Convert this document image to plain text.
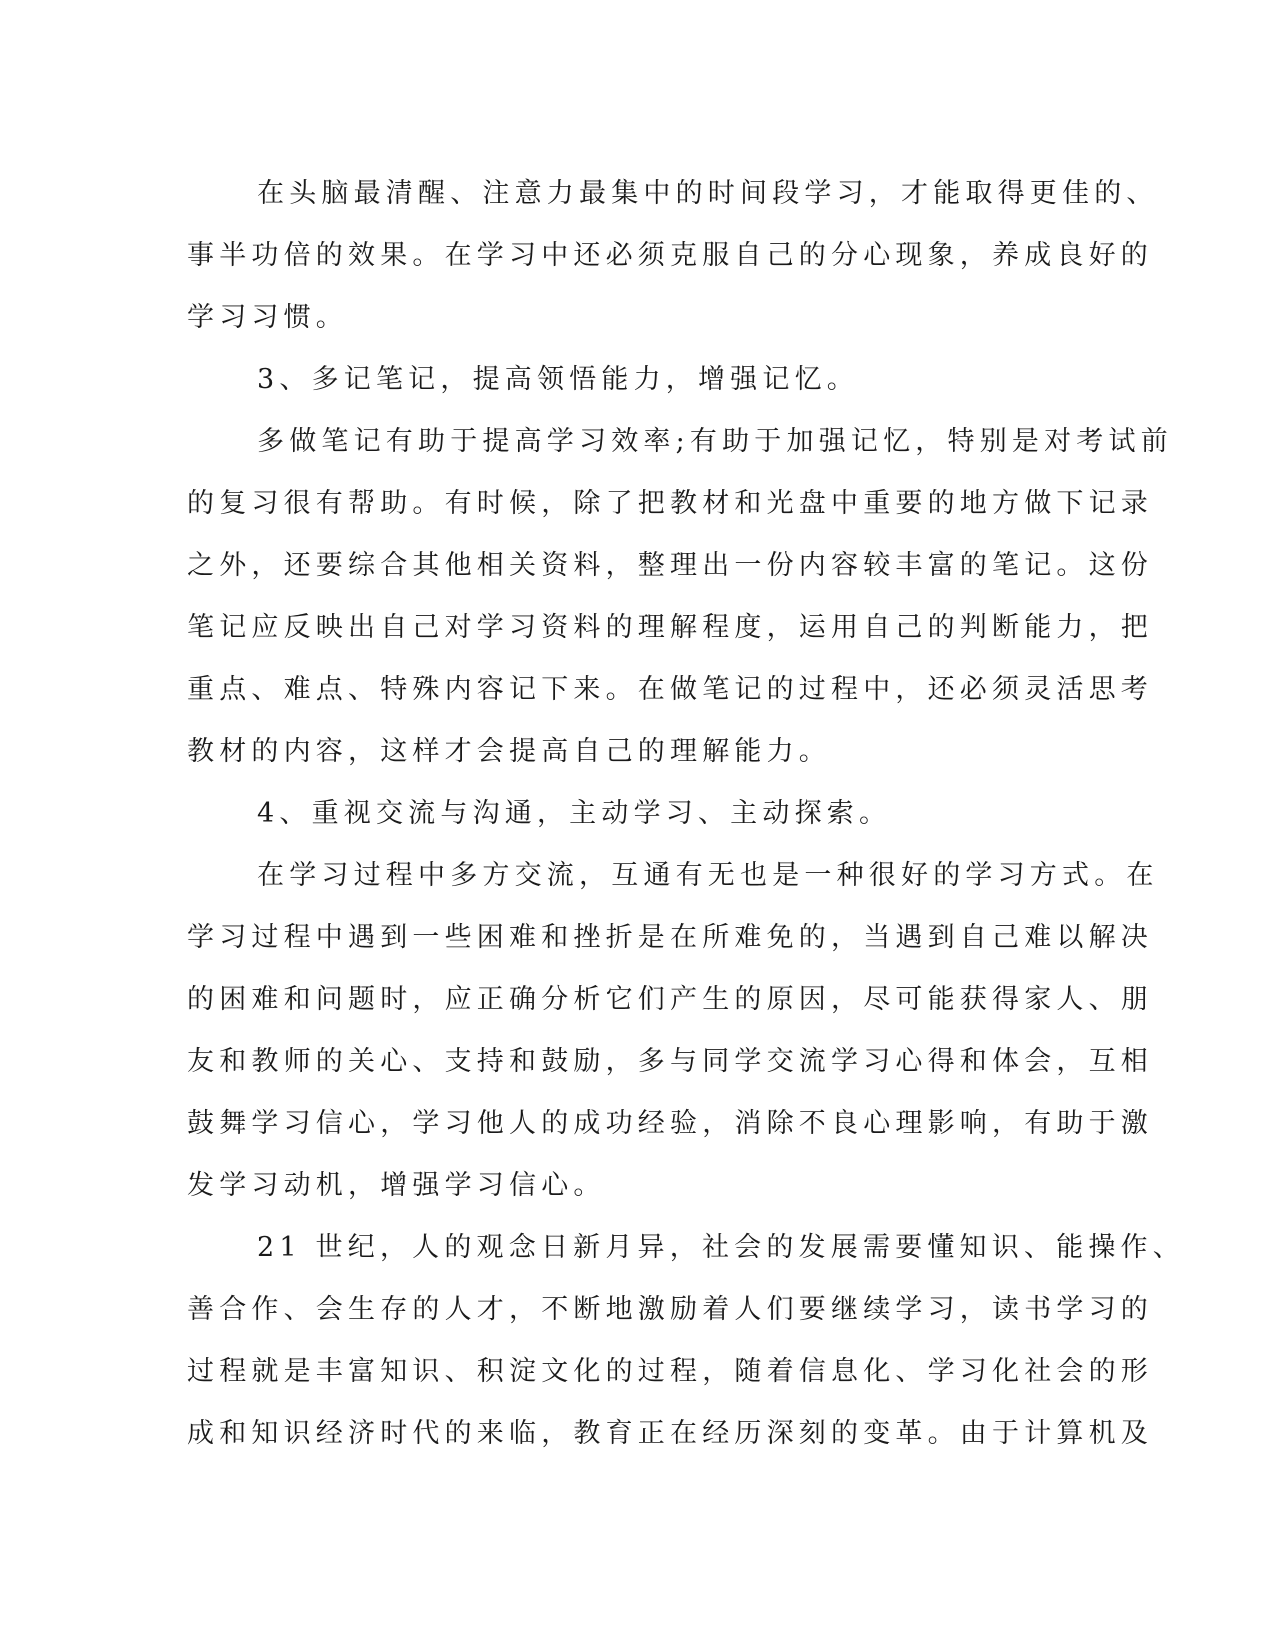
在头脑最清醒、注意力最集中的时间段学习，才能取得更佳的、
事半功倍的效果。在学习中还必须克服自己的分心现象，养成良好的
学习习惯。
3、多记笔记，提高领悟能力，增强记忆。
多做笔记有助于提高学习效率;有助于加强记忆，特别是对考试前
的复习很有帮助。有时候，除了把教材和光盘中重要的地方做下记录
之外，还要综合其他相关资料，整理出一份内容较丰富的笔记。这份
笔记应反映出自己对学习资料的理解程度，运用自己的判断能力，把
重点、难点、特殊内容记下来。在做笔记的过程中，还必须灵活思考
教材的内容，这样才会提高自己的理解能力。
4、重视交流与沟通，主动学习、主动探索。
在学习过程中多方交流，互通有无也是一种很好的学习方式。在
学习过程中遇到一些困难和挫折是在所难免的，当遇到自己难以解决
的困难和问题时，应正确分析它们产生的原因，尽可能获得家人、朋
友和教师的关心、支持和鼓励，多与同学交流学习心得和体会，互相
鼓舞学习信心，学习他人的成功经验，消除不良心理影响，有助于激
发学习动机，增强学习信心。
21 世纪，人的观念日新月异，社会的发展需要懂知识、能操作、
善合作、会生存的人才，不断地激励着人们要继续学习，读书学习的
过程就是丰富知识、积淀文化的过程，随着信息化、学习化社会的形
成和知识经济时代的来临，教育正在经历深刻的变革。由于计算机及
